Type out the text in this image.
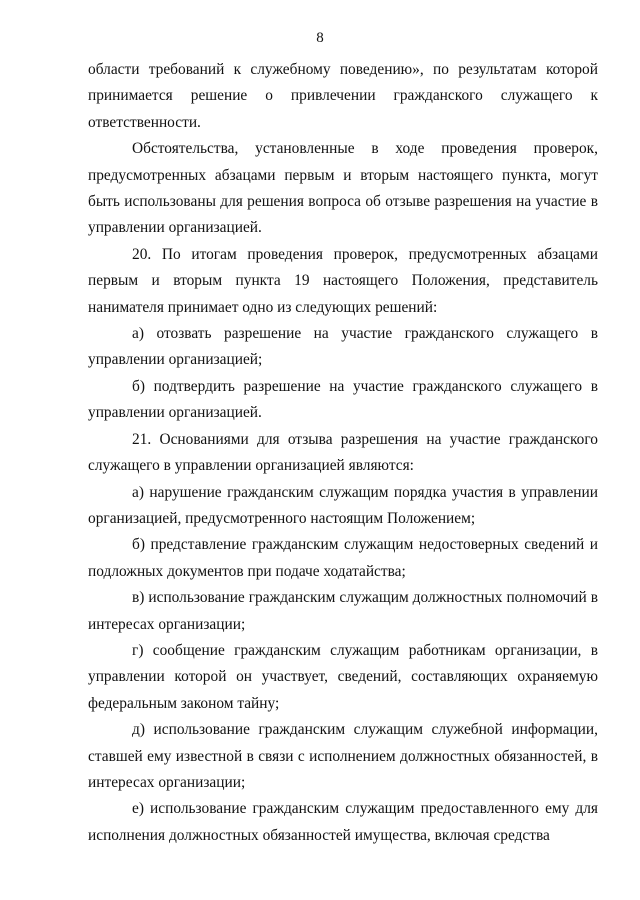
8

области требований к служебному поведению», по результатам которой принимается решение о привлечении гражданского служащего к ответственности.

Обстоятельства, установленные в ходе проведения проверок, предусмотренных абзацами первым и вторым настоящего пункта, могут быть использованы для решения вопроса об отзыве разрешения на участие в управлении организацией.

20. По итогам проведения проверок, предусмотренных абзацами первым и вторым пункта 19 настоящего Положения, представитель нанимателя принимает одно из следующих решений:

а) отозвать разрешение на участие гражданского служащего в управлении организацией;

б) подтвердить разрешение на участие гражданского служащего в управлении организацией.

21. Основаниями для отзыва разрешения на участие гражданского служащего в управлении организацией являются:

а) нарушение гражданским служащим порядка участия в управлении организацией, предусмотренного настоящим Положением;

б) представление гражданским служащим недостоверных сведений и подложных документов при подаче ходатайства;

в) использование гражданским служащим должностных полномочий в интересах организации;

г) сообщение гражданским служащим работникам организации, в управлении которой он участвует, сведений, составляющих охраняемую федеральным законом тайну;

д) использование гражданским служащим служебной информации, ставшей ему известной в связи с исполнением должностных обязанностей, в интересах организации;

е) использование гражданским служащим предоставленного ему для исполнения должностных обязанностей имущества, включая средства
